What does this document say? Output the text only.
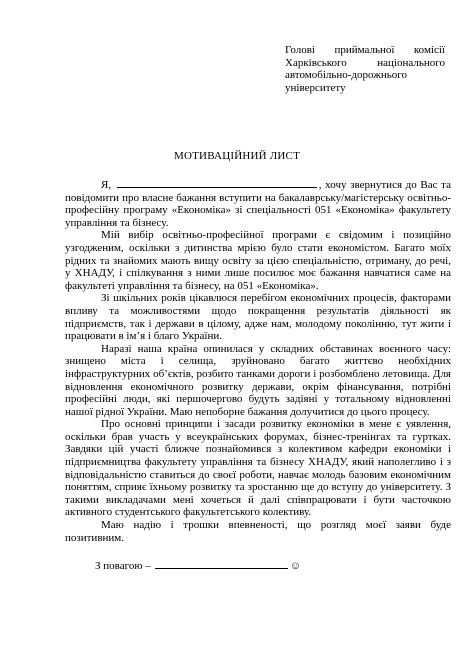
Голові приймальної комісії Харківського національного автомобільно-дорожнього університету
МОТИВАЦІЙНИЙ ЛИСТ

Я,	, хочу звернутися до Вас та повідомити про власне бажання вступити на бакалаврську/магістерську освітньо-професійну програму «Економіка» зі спеціальності 051 «Економіка» факультету управління та бізнесу.

Мій вибір освітньо-професійної програми є свідомим і позиційно узгодженим, оскільки з дитинства мрією було стати економістом. Багато моїх рідних та знайомих мають вищу освіту за цією спеціальністю, отриману, до речі, у ХНАДУ, і спілкування з ними лише посилює моє бажання навчатися саме на факультеті управління та бізнесу, на 051 «Економіка».

Зі шкільних років цікавлюся перебігом економічних процесів, факторами впливу та можливостями щодо покращення результатів діяльності як підприємств, так і держави в цілому, адже нам, молодому поколінню, тут жити і працювати в ім’я і благо України.

Наразі наша країна опинилася у складних обставинах воєнного часу: знищено міста і селища, зруйновано багато життєво необхідних інфраструктурних об’єктів, розбито танками дороги і розбомблено летовища. Для відновлення економічного розвитку держави, окрім фінансування, потрібні професійні люди, які першочергово будуть задіяні у тотальному відновленні нашої рідної України. Маю непоборне бажання долучитися до цього процесу.

Про основні принципи і засади розвитку економіки в мене є уявлення, оскільки брав участь у всеукраїнських форумах, бізнес-тренінгах та гуртках. Завдяки цій участі ближче познайомився з колективом кафедри економіки і підприємництва факультету управління та бізнесу ХНАДУ, який наполегливо і з відповідальністю ставиться до своєї роботи, навчає молодь базовим економічним поняттям, сприяє їхньому розвитку та зростанню ще до вступу до університету. З такими викладачами мені хочеться й далі співпрацювати і бути часточкою активного студентського факультетського колективу.

Маю надію і трошки впевненості, що розгляд моєї заяви буде позитивним.

З повагою –	☺
